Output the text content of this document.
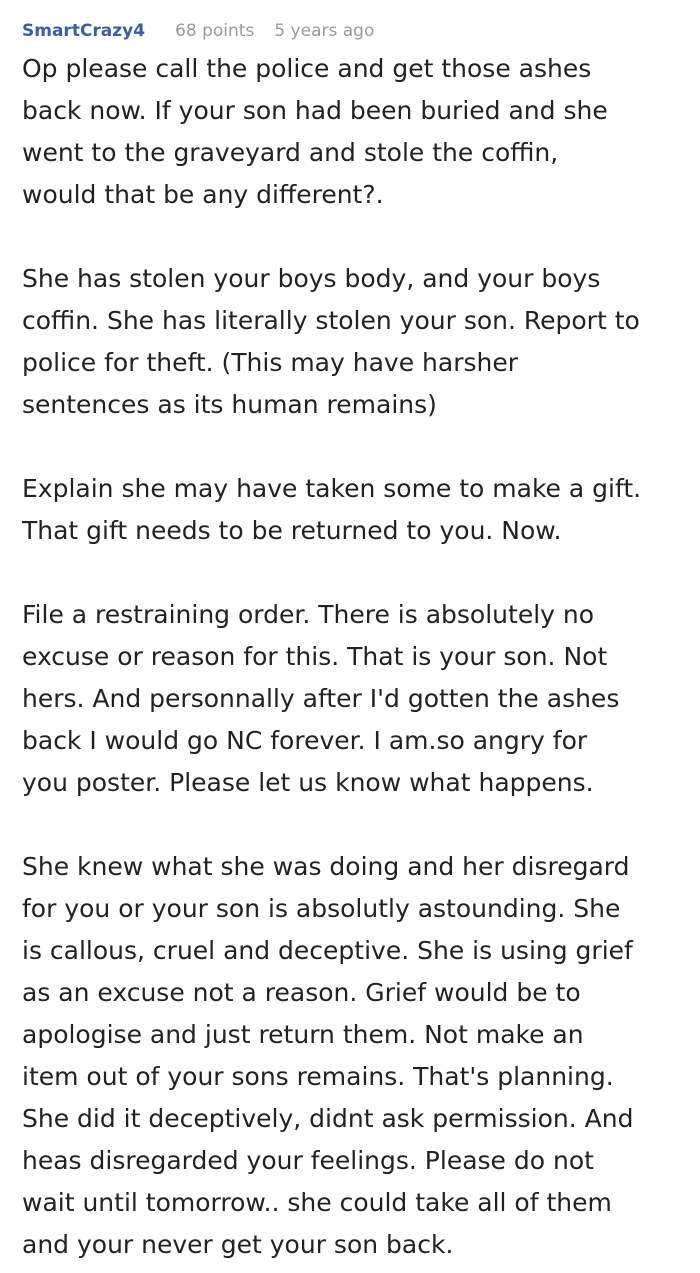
SmartCrazy4 68 points 5 years ago

Op please call the police and get those ashes
back now. If your son had been buried and she
went to the graveyard and stole the coffin,
would that be any different?.

She has stolen your boys body, and your boys
coffin. She has literally stolen your son. Report to
police for theft. (This may have harsher
sentences as its human remains)

Explain she may have taken some to make a gift.
That gift needs to be returned to you. Now.

File a restraining order. There is absolutely no
excuse or reason for this. That is your son. Not
hers. And personnally after I'd gotten the ashes
back I would go NC forever. I am.so angry for
you poster. Please let us know what happens.

She knew what she was doing and her disregard
for you or your son is absolutly astounding. She
is callous, cruel and deceptive. She is using grief
as an excuse not a reason. Grief would be to
apologise and just return them. Not make an
item out of your sons remains. That's planning.
She did it deceptively, didnt ask permission. And
heas disregarded your feelings. Please do not
wait until tomorrow.. she could take all of them
and your never get your son back.
